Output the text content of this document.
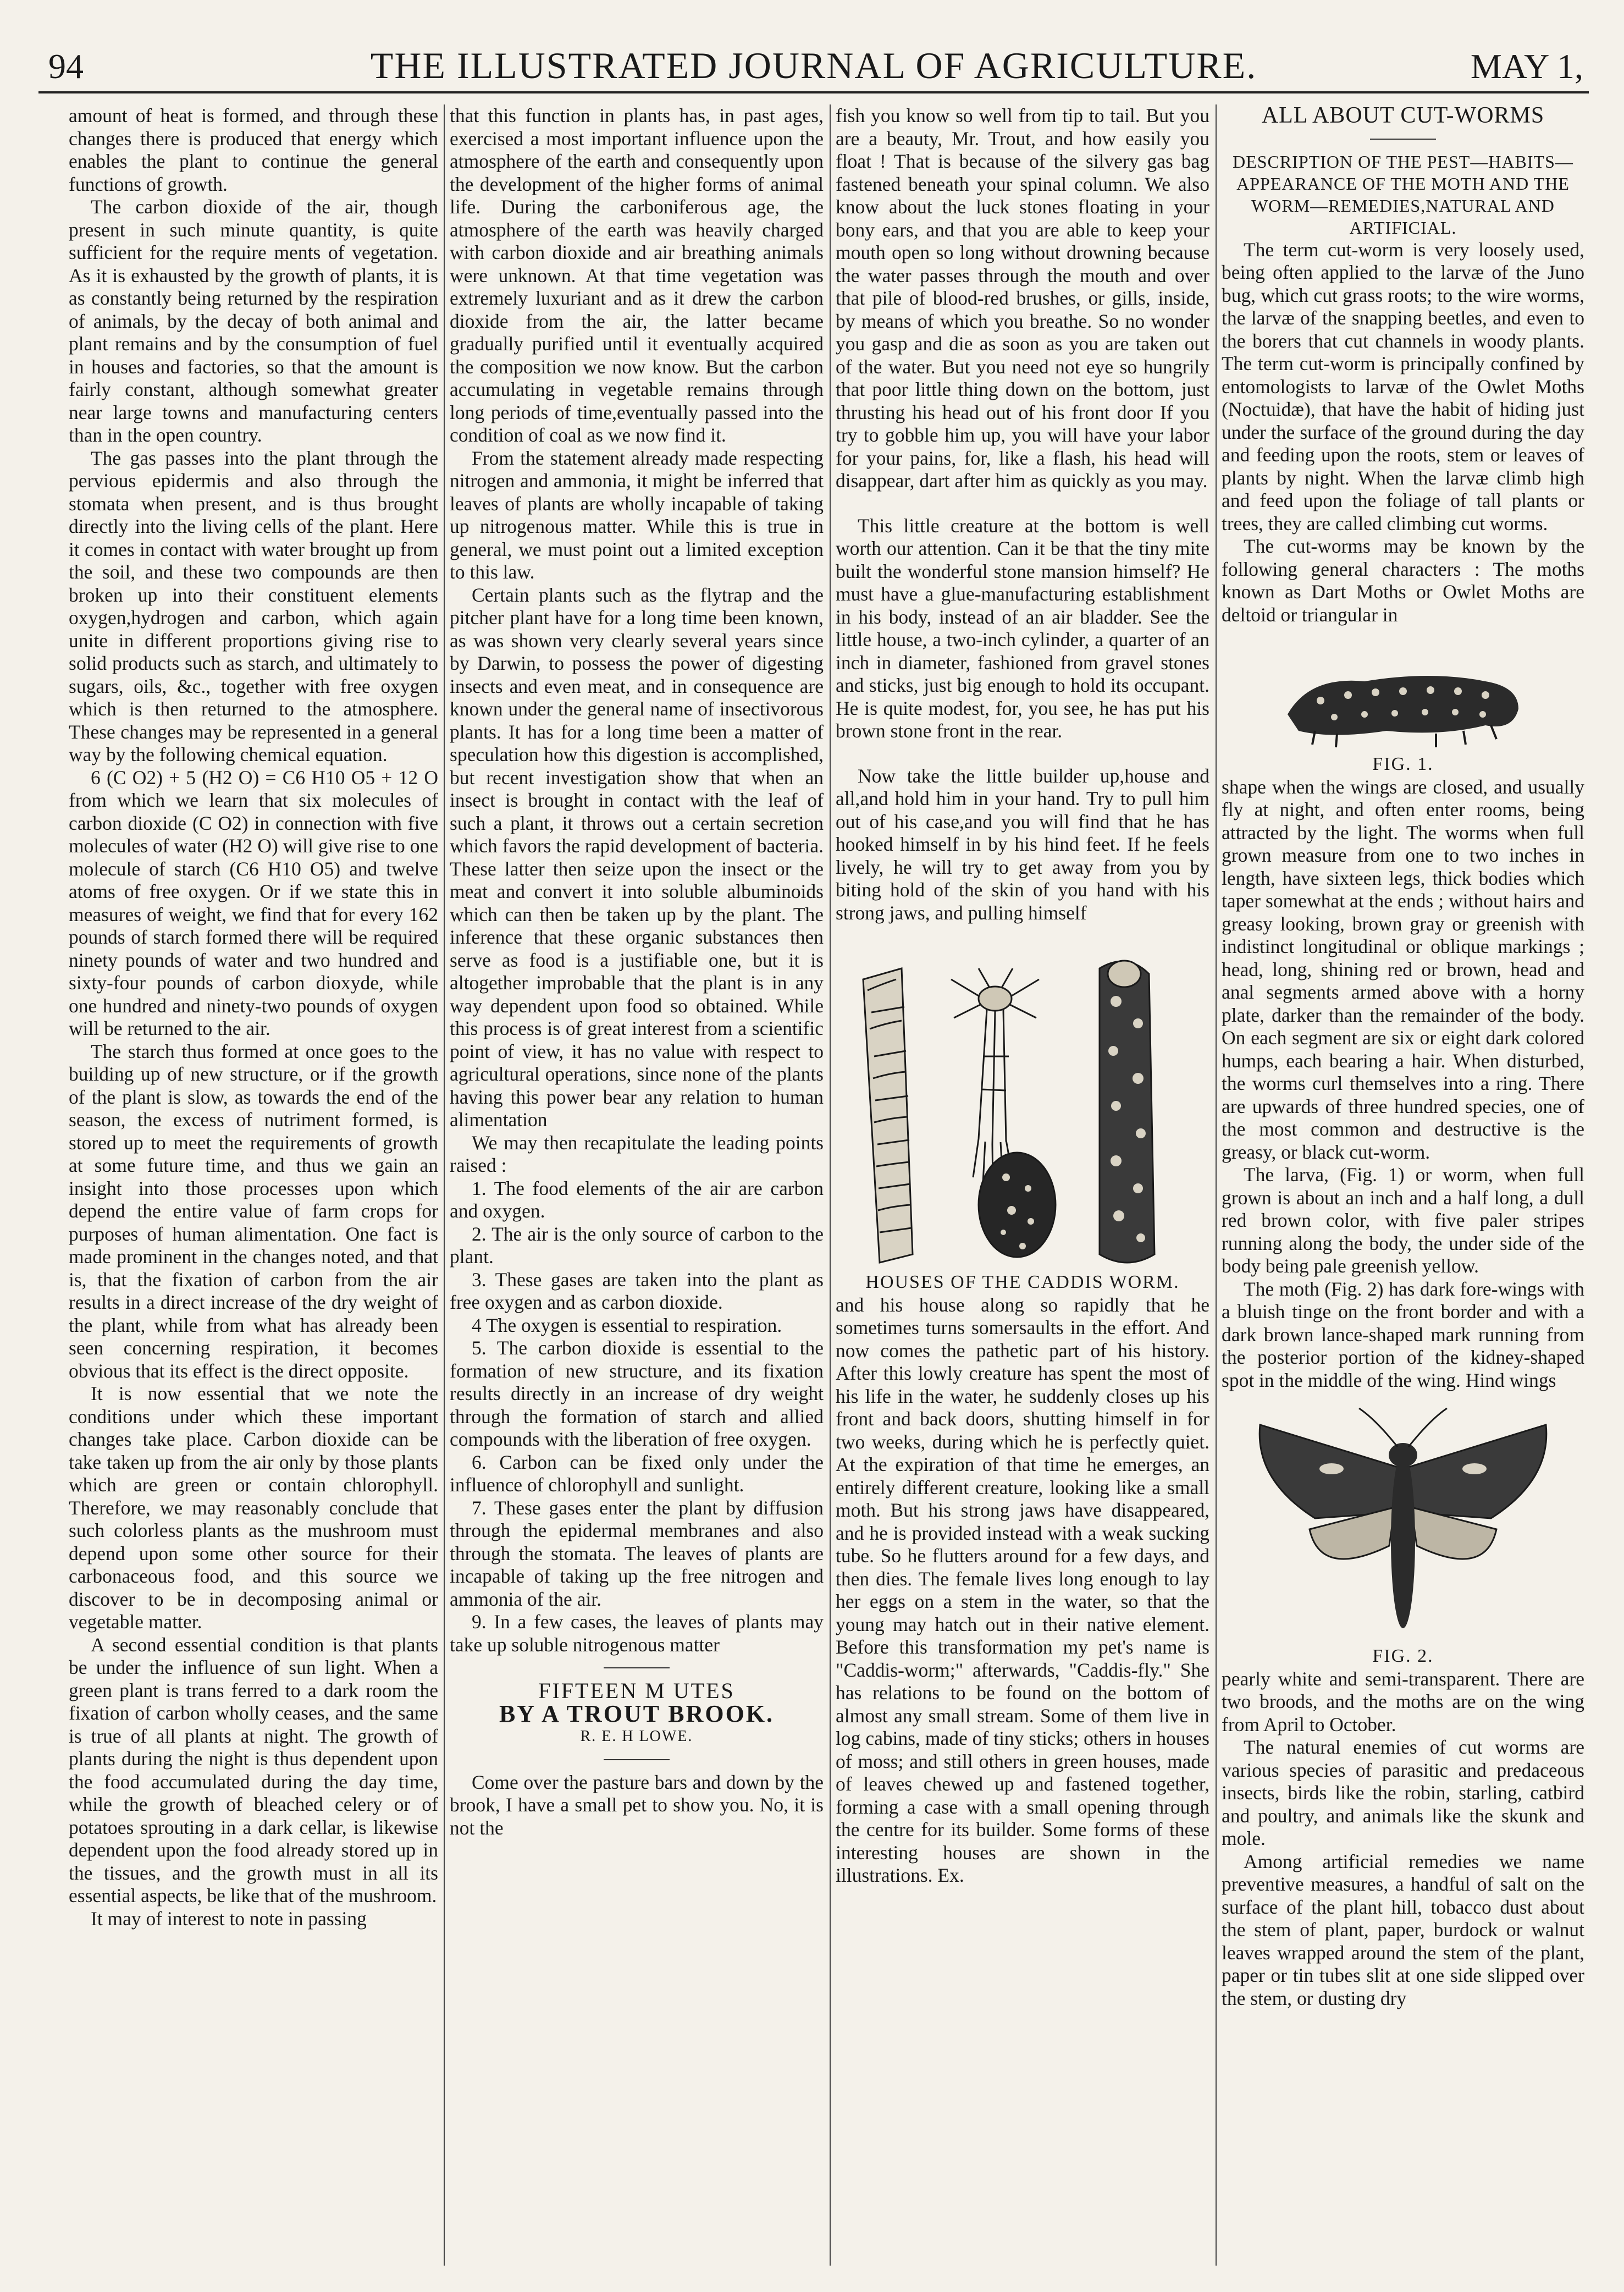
94	THE ILLUSTRATED JOURNAL OF AGRICULTURE.	MAY 1,

amount of heat is formed, and through these changes there is produced that energy which enables the plant to continue the general functions of growth.

The carbon dioxide of the air, though present in such minute quantity, is quite sufficient for the require ments of vegetation. As it is exhausted by the growth of plants, it is as constantly being returned by the respiration of animals, by the decay of both animal and plant remains and by the consumption of fuel in houses and factories, so that the amount is fairly constant, although somewhat greater near large towns and manufacturing centers than in the open country.

The gas passes into the plant through the pervious epidermis and also through the stomata when present, and is thus brought directly into the living cells of the plant. Here it comes in contact with water brought up from the soil, and these two compounds are then broken up into their constituent elements oxygen,hydrogen and carbon, which again unite in different proportions giving rise to solid products such as starch, and ultimately to sugars, oils, &c., together with free oxygen which is then returned to the atmosphere. These changes may be represented in a general way by the following chemical equation.

6 (C O2) + 5 (H2 O) = C6 H10 O5 + 12 O from which we learn that six molecules of carbon dioxide (C O2) in connection with five molecules of water (H2 O) will give rise to one molecule of starch (C6 H10 O5) and twelve atoms of free oxygen. Or if we state this in measures of weight, we find that for every 162 pounds of starch formed there will be required ninety pounds of water and two hundred and sixty-four pounds of carbon dioxyde, while one hundred and ninety-two pounds of oxygen will be returned to the air.

The starch thus formed at once goes to the building up of new structure, or if the growth of the plant is slow, as towards the end of the season, the excess of nutriment formed, is stored up to meet the requirements of growth at some future time, and thus we gain an insight into those processes upon which depend the entire value of farm crops for purposes of human alimentation. One fact is made prominent in the changes noted, and that is, that the fixation of carbon from the air results in a direct increase of the dry weight of the plant, while from what has already been seen concerning respiration, it becomes obvious that its effect is the direct opposite.

It is now essential that we note the conditions under which these important changes take place. Carbon dioxide can be take taken up from the air only by those plants which are green or contain chlorophyll. Therefore, we may reasonably conclude that such colorless plants as the mushroom must depend upon some other source for their carbonaceous food, and this source we discover to be in decomposing animal or vegetable matter.

A second essential condition is that plants be under the influence of sun light. When a green plant is trans ferred to a dark room the fixation of carbon wholly ceases, and the same is true of all plants at night. The growth of plants during the night is thus dependent upon the food accumulated during the day time, while the growth of bleached celery or of potatoes sprouting in a dark cellar, is likewise dependent upon the food already stored up in the tissues, and the growth must in all its essential aspects, be like that of the mushroom.

It may of interest to note in passing

that this function in plants has, in past ages, exercised a most important influence upon the atmosphere of the earth and consequently upon the development of the higher forms of animal life. During the carboniferous age, the atmosphere of the earth was heavily charged with carbon dioxide and air breathing animals were unknown. At that time vegetation was extremely luxuriant and as it drew the carbon dioxide from the air, the latter became gradually purified until it eventually acquired the composition we now know. But the carbon accumulating in vegetable remains through long periods of time,eventually passed into the condition of coal as we now find it.

From the statement already made respecting nitrogen and ammonia, it might be inferred that leaves of plants are wholly incapable of taking up nitrogenous matter. While this is true in general, we must point out a limited exception to this law.

Certain plants such as the flytrap and the pitcher plant have for a long time been known, as was shown very clearly several years since by Darwin, to possess the power of digesting insects and even meat, and in consequence are known under the general name of insectivorous plants. It has for a long time been a matter of speculation how this digestion is accomplished, but recent investigation show that when an insect is brought in contact with the leaf of such a plant, it throws out a certain secretion which favors the rapid development of bacteria. These latter then seize upon the insect or the meat and convert it into soluble albuminoids which can then be taken up by the plant. The inference that these organic substances then serve as food is a justifiable one, but it is altogether improbable that the plant is in any way dependent upon food so obtained. While this process is of great interest from a scientific point of view, it has no value with respect to agricultural operations, since none of the plants having this power bear any relation to human alimentation

We may then recapitulate the leading points raised :

1. The food elements of the air are carbon and oxygen.

2. The air is the only source of carbon to the plant.

3. These gases are taken into the plant as free oxygen and as carbon dioxide.

4 The oxygen is essential to respiration.

5. The carbon dioxide is essential to the formation of new structure, and its fixation results directly in an increase of dry weight through the formation of starch and allied compounds with the liberation of free oxygen.

6. Carbon can be fixed only under the influence of chlorophyll and sunlight.

7. These gases enter the plant by diffusion through the epidermal membranes and also through the stomata. The leaves of plants are incapable of taking up the free nitrogen and ammonia of the air.

9. In a few cases, the leaves of plants may take up soluble nitrogenous matter

FIFTEEN M UTES

BY A TROUT BROOK.

R. E. H LOWE.

Come over the pasture bars and down by the brook, I have a small pet to show you. No, it is not the

fish you know so well from tip to tail. But you are a beauty, Mr. Trout, and how easily you float ! That is because of the silvery gas bag fastened beneath your spinal column. We also know about the luck stones floating in your bony ears, and that you are able to keep your mouth open so long without drowning because the water passes through the mouth and over that pile of blood-red brushes, or gills, inside, by means of which you breathe. So no wonder you gasp and die as soon as you are taken out of the water. But you need not eye so hungrily that poor little thing down on the bottom, just thrusting his head out of his front door If you try to gobble him up, you will have your labor for your pains, for, like a flash, his head will disappear, dart after him as quickly as you may.

This little creature at the bottom is well worth our attention. Can it be that the tiny mite built the wonderful stone mansion himself? He must have a glue-manufacturing establishment in his body, instead of an air bladder. See the little house, a two-inch cylinder, a quarter of an inch in diameter, fashioned from gravel stones and sticks, just big enough to hold its occupant. He is quite modest, for, you see, he has put his brown stone front in the rear.

Now take the little builder up,house and all,and hold him in your hand. Try to pull him out of his case,and you will find that he has hooked himself in by his hind feet. If he feels lively, he will try to get away from you by biting hold of the skin of you hand with his strong jaws, and pulling himself

HOUSES OF THE CADDIS WORM.

and his house along so rapidly that he sometimes turns somersaults in the effort. And now comes the pathetic part of his history. After this lowly creature has spent the most of his life in the water, he suddenly closes up his front and back doors, shutting himself in for two weeks, during which he is perfectly quiet. At the expiration of that time he emerges, an entirely different creature, looking like a small moth. But his strong jaws have disappeared, and he is provided instead with a weak sucking tube. So he flutters around for a few days, and then dies. The female lives long enough to lay her eggs on a stem in the water, so that the young may hatch out in their native element. Before this transformation my pet's name is "Caddis-worm;" afterwards, "Caddis-fly." She has relations to be found on the bottom of almost any small stream. Some of them live in log cabins, made of tiny sticks; others in houses of moss; and still others in green houses, made of leaves chewed up and fastened together, forming a case with a small opening through the centre for its builder. Some forms of these interesting houses are shown in the illustrations. Ex.

ALL ABOUT CUT-WORMS

DESCRIPTION OF THE PEST—HABITS—APPEARANCE OF THE MOTH AND THE WORM—REMEDIES,NATURAL AND ARTIFICIAL.

The term cut-worm is very loosely used, being often applied to the larvæ of the Juno bug, which cut grass roots; to the wire worms, the larvæ of the snapping beetles, and even to the borers that cut channels in woody plants. The term cut-worm is principally confined by entomologists to larvæ of the Owlet Moths (Noctuidæ), that have the habit of hiding just under the surface of the ground during the day and feeding upon the roots, stem or leaves of plants by night. When the larvæ climb high and feed upon the foliage of tall plants or trees, they are called climbing cut worms.

The cut-worms may be known by the following general characters : The moths known as Dart Moths or Owlet Moths are deltoid or triangular in

FIG. 1.

shape when the wings are closed, and usually fly at night, and often enter rooms, being attracted by the light. The worms when full grown measure from one to two inches in length, have sixteen legs, thick bodies which taper somewhat at the ends ; without hairs and greasy looking, brown gray or greenish with indistinct longitudinal or oblique markings ; head, long, shining red or brown, head and anal segments armed above with a horny plate, darker than the remainder of the body. On each segment are six or eight dark colored humps, each bearing a hair. When disturbed, the worms curl themselves into a ring. There are upwards of three hundred species, one of the most common and destructive is the greasy, or black cut-worm.

The larva, (Fig. 1) or worm, when full grown is about an inch and a half long, a dull red brown color, with five paler stripes running along the body, the under side of the body being pale greenish yellow.

The moth (Fig. 2) has dark fore-wings with a bluish tinge on the front border and with a dark brown lance-shaped mark running from the posterior portion of the kidney-shaped spot in the middle of the wing. Hind wings

FIG. 2.

pearly white and semi-transparent. There are two broods, and the moths are on the wing from April to October.

The natural enemies of cut worms are various species of parasitic and predaceous insects, birds like the robin, starling, catbird and poultry, and animals like the skunk and mole.

Among artificial remedies we name preventive measures, a handful of salt on the surface of the plant hill, tobacco dust about the stem of plant, paper, burdock or walnut leaves wrapped around the stem of the plant, paper or tin tubes slit at one side slipped over the stem, or dusting dry
